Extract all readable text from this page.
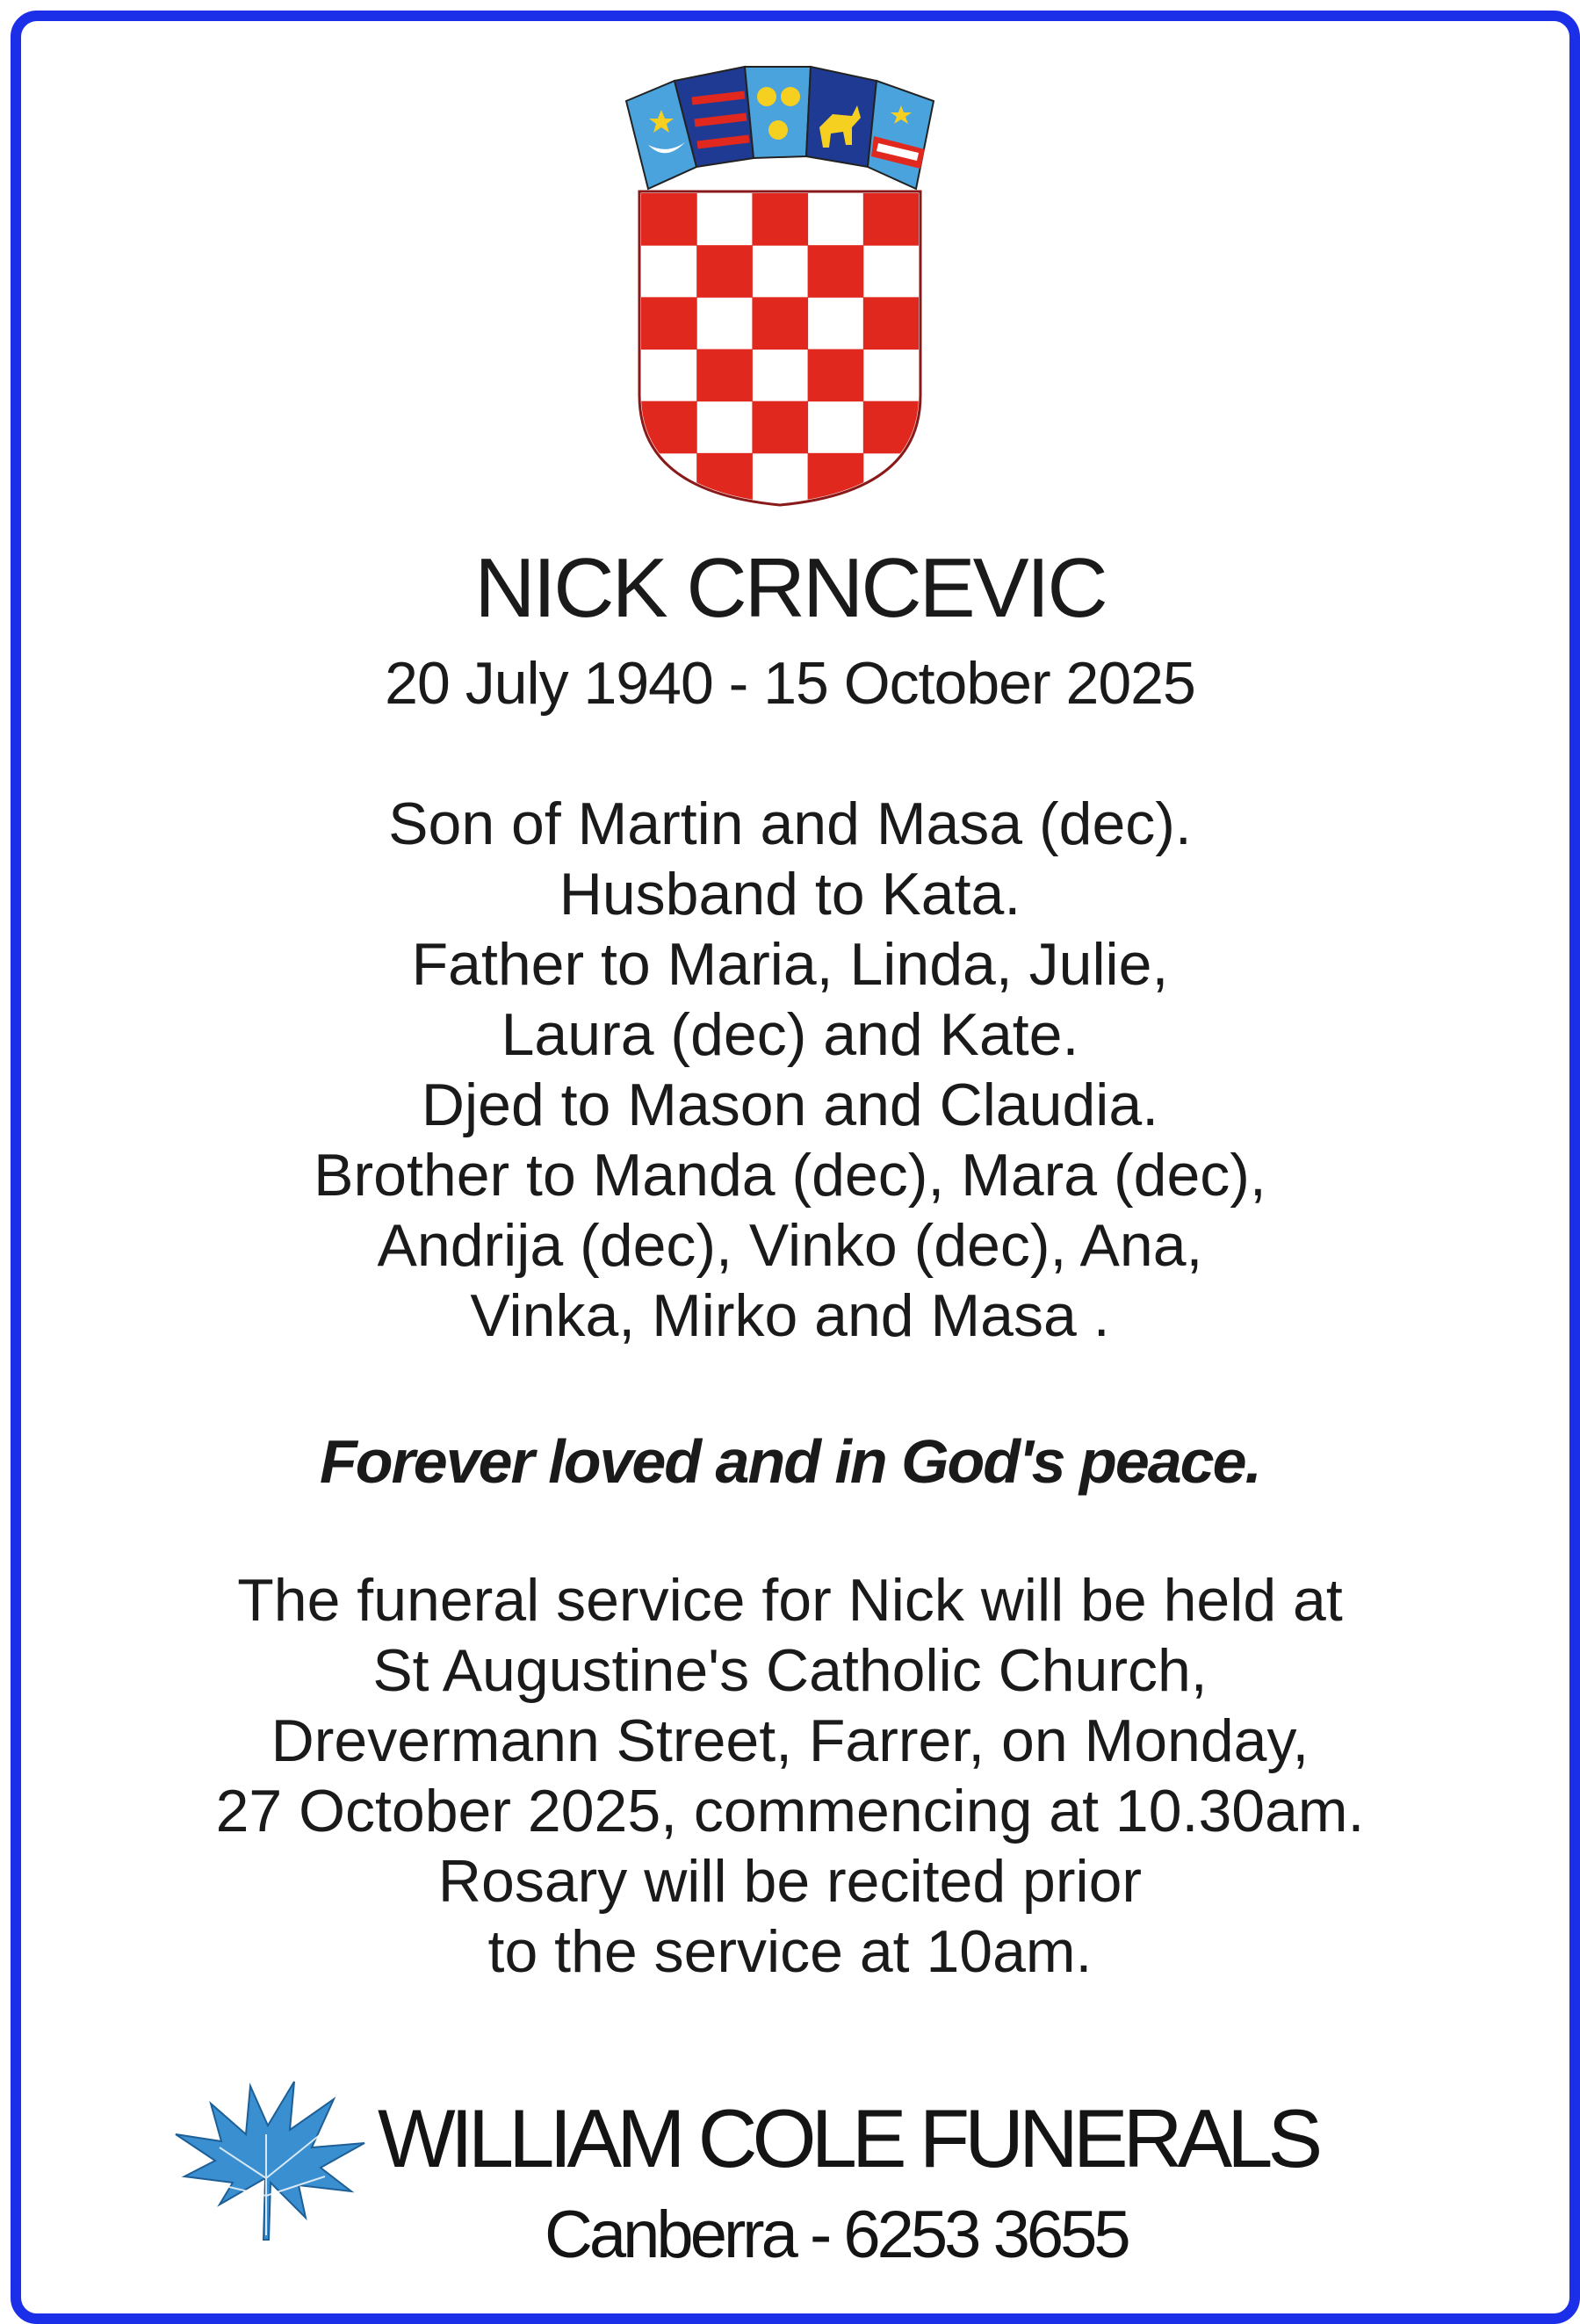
NICK CRNCEVIC
20 July 1940 - 15 October 2025
Son of Martin and Masa (dec).
Husband to Kata.
Father to Maria, Linda, Julie,
Laura (dec) and Kate.
Djed to Mason and Claudia.
Brother to Manda (dec), Mara (dec),
Andrija (dec), Vinko (dec), Ana,
Vinka, Mirko and Masa .
Forever loved and in God's peace.
The funeral service for Nick will be held at
St Augustine's Catholic Church,
Drevermann Street, Farrer, on Monday,
27 October 2025, commencing at 10.30am.
Rosary will be recited prior
to the service at 10am.
WILLIAM COLE FUNERALS
Canberra - 6253 3655
